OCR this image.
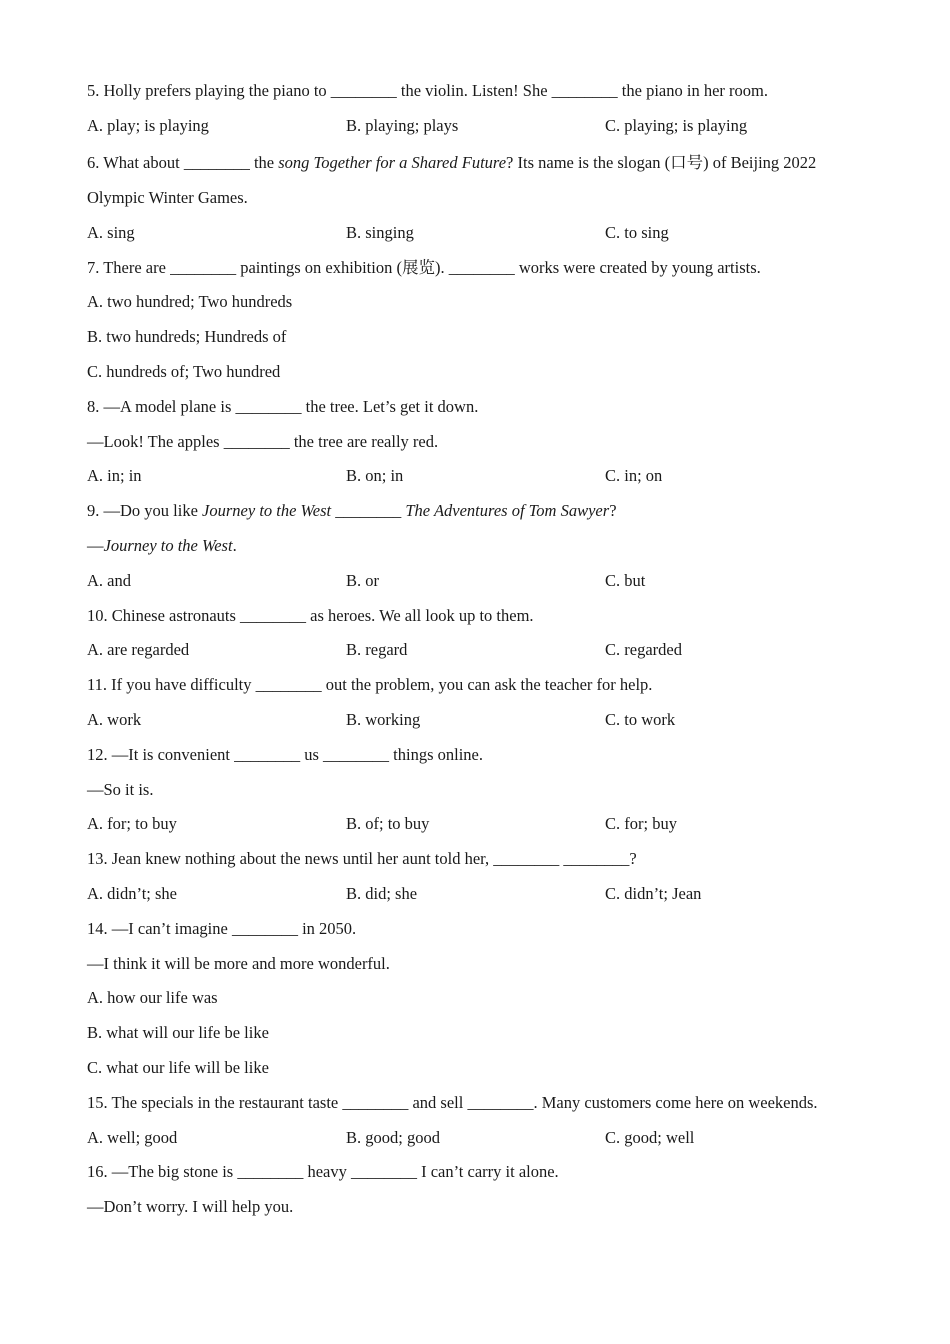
5. Holly prefers playing the piano to ________ the violin. Listen! She ________ the piano in her room.
A. play; is playing	B. playing; plays	C. playing; is playing
6. What about ________ the song Together for a Shared Future? Its name is the slogan (口号) of Beijing 2022
Olympic Winter Games.
A. sing	B. singing	C. to sing
7. There are ________ paintings on exhibition (展览). ________ works were created by young artists.
A. two hundred; Two hundreds
B. two hundreds; Hundreds of
C. hundreds of; Two hundred
8. —A model plane is ________ the tree. Let’s get it down.
—Look! The apples ________ the tree are really red.
A. in; in	B. on; in	C. in; on
9. —Do you like Journey to the West ________ The Adventures of Tom Sawyer?
—Journey to the West.
A. and	B. or	C. but
10. Chinese astronauts ________ as heroes. We all look up to them.
A. are regarded	B. regard	C. regarded
11. If you have difficulty ________ out the problem, you can ask the teacher for help.
A. work	B. working	C. to work
12. —It is convenient ________ us ________ things online.
—So it is.
A. for; to buy	B. of; to buy	C. for; buy
13. Jean knew nothing about the news until her aunt told her, ________ ________?
A. didn’t; she	B. did; she	C. didn’t; Jean
14. —I can’t imagine ________ in 2050.
—I think it will be more and more wonderful.
A. how our life was
B. what will our life be like
C. what our life will be like
15. The specials in the restaurant taste ________ and sell ________. Many customers come here on weekends.
A. well; good	B. good; good	C. good; well
16. —The big stone is ________ heavy ________ I can’t carry it alone.
—Don’t worry. I will help you.
